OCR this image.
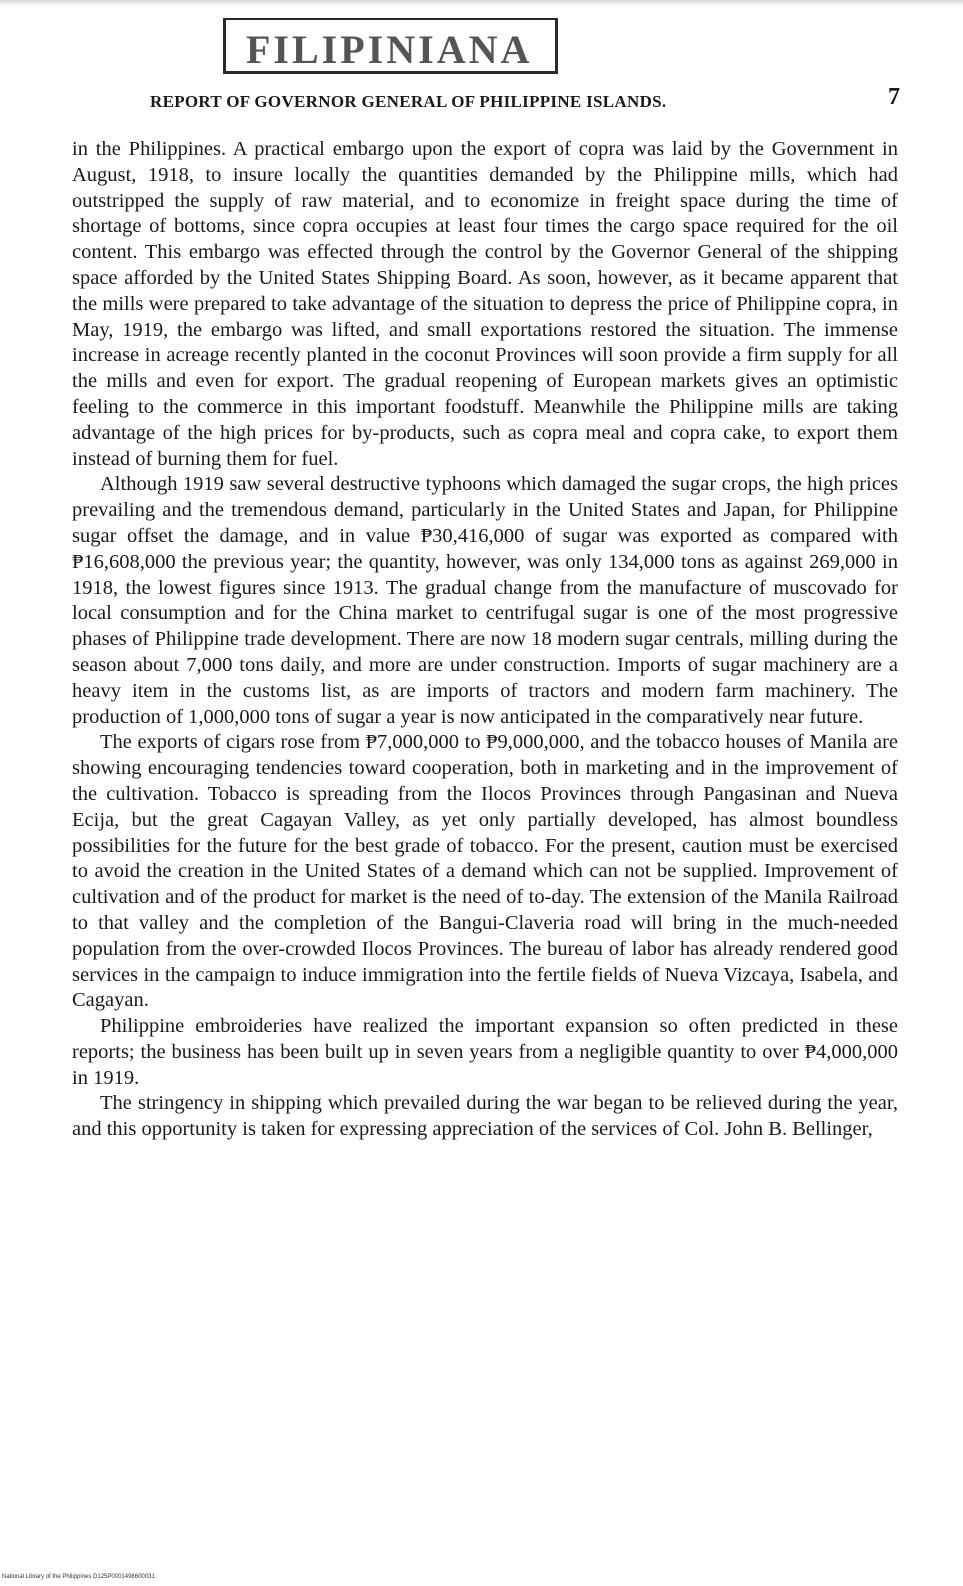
FILIPINIANA
REPORT OF GOVERNOR GENERAL OF PHILIPPINE ISLANDS.	7

in the Philippines. A practical embargo upon the export of copra was laid by the Government in August, 1918, to insure locally the quantities demanded by the Philippine mills, which had outstripped the supply of raw material, and to economize in freight space during the time of shortage of bottoms, since copra occupies at least four times the cargo space required for the oil content. This embargo was effected through the control by the Governor General of the shipping space afforded by the United States Shipping Board. As soon, however, as it became apparent that the mills were prepared to take advantage of the situation to depress the price of Philippine copra, in May, 1919, the embargo was lifted, and small exportations restored the situation. The immense increase in acreage recently planted in the coconut Provinces will soon provide a firm supply for all the mills and even for export. The gradual reopening of European markets gives an optimistic feeling to the commerce in this important foodstuff. Meanwhile the Philippine mills are taking advantage of the high prices for by-products, such as copra meal and copra cake, to export them instead of burning them for fuel.

Although 1919 saw several destructive typhoons which damaged the sugar crops, the high prices prevailing and the tremendous demand, particularly in the United States and Japan, for Philippine sugar offset the damage, and in value ₱30,416,000 of sugar was exported as compared with ₱16,608,000 the previous year; the quantity, however, was only 134,000 tons as against 269,000 in 1918, the lowest figures since 1913. The gradual change from the manufacture of muscovado for local consumption and for the China market to centrifugal sugar is one of the most progressive phases of Philippine trade development. There are now 18 modern sugar centrals, milling during the season about 7,000 tons daily, and more are under construction. Imports of sugar machinery are a heavy item in the customs list, as are imports of tractors and modern farm machinery. The production of 1,000,000 tons of sugar a year is now anticipated in the comparatively near future.

The exports of cigars rose from ₱7,000,000 to ₱9,000,000, and the tobacco houses of Manila are showing encouraging tendencies toward cooperation, both in marketing and in the improvement of the cultivation. Tobacco is spreading from the Ilocos Provinces through Pangasinan and Nueva Ecija, but the great Cagayan Valley, as yet only partially developed, has almost boundless possibilities for the future for the best grade of tobacco. For the present, caution must be exercised to avoid the creation in the United States of a demand which can not be supplied. Improvement of cultivation and of the product for market is the need of to-day. The extension of the Manila Railroad to that valley and the completion of the Bangui-Claveria road will bring in the much-needed population from the over-crowded Ilocos Provinces. The bureau of labor has already rendered good services in the campaign to induce immigration into the fertile fields of Nueva Vizcaya, Isabela, and Cagayan.

Philippine embroideries have realized the important expansion so often predicted in these reports; the business has been built up in seven years from a negligible quantity to over ₱4,000,000 in 1919.

The stringency in shipping which prevailed during the war began to be relieved during the year, and this opportunity is taken for expressing appreciation of the services of Col. John B. Bellinger,

National Library of the Philippines D125P0001498600031
